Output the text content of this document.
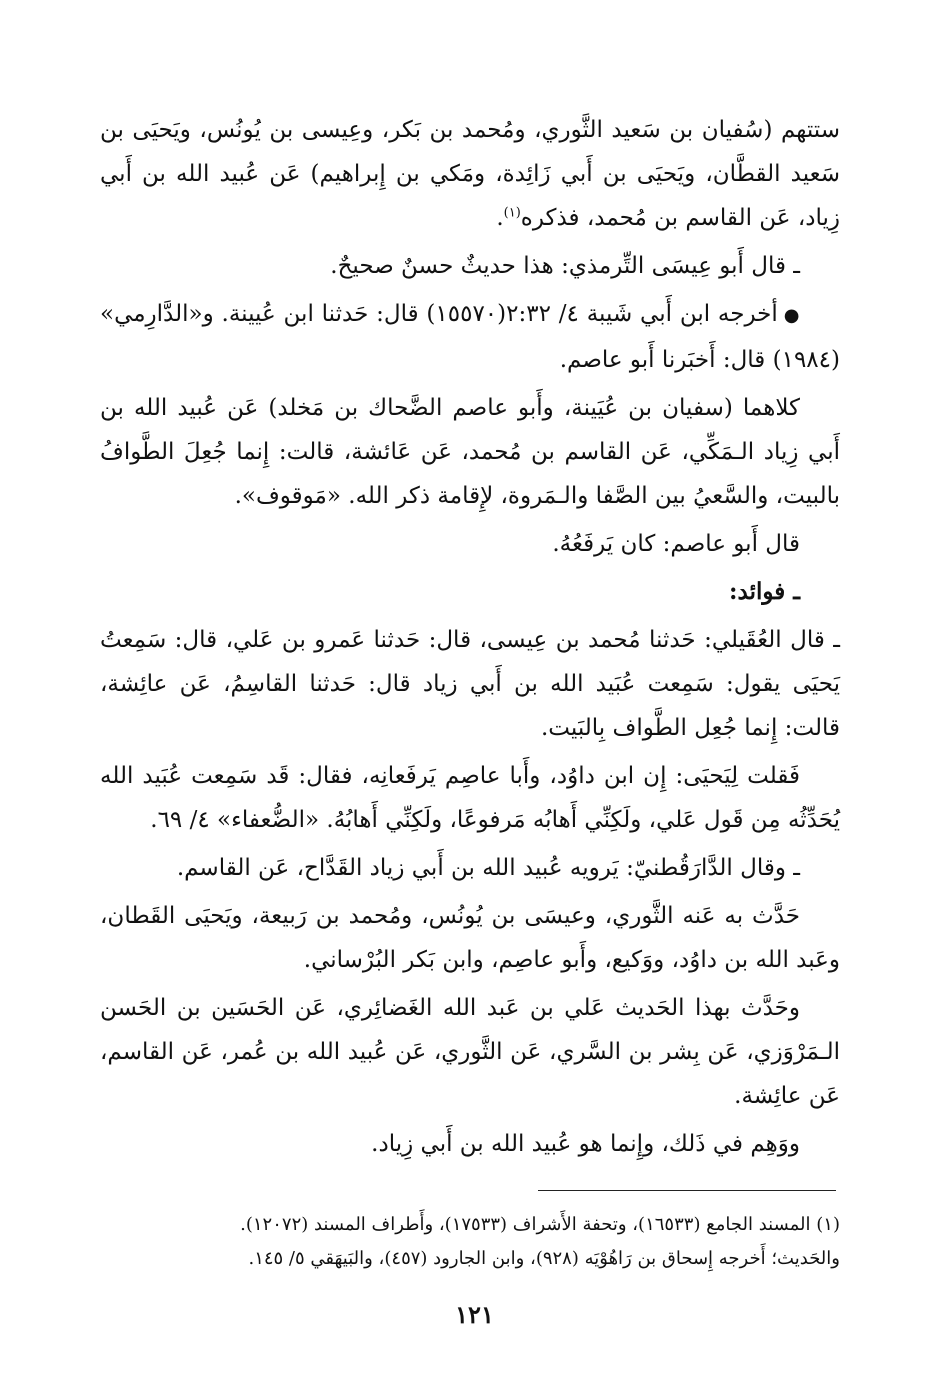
ستتهم (سُفيان بن سَعيد الثَّوري، ومُحمد بن بَكر، وعِيسى بن يُونُس، ويَحيَى بن سَعيد القطَّان، ويَحيَى بن أَبي زَائِدة، ومَكي بن إِبراهيم) عَن عُبيد الله بن أَبي زِياد، عَن القاسم بن مُحمد، فذكره$^{(١)}$.

ـ قال أَبو عِيسَى التِّرمذي: هذا حديثٌ حسنٌ صحيحٌ.

●أخرجه ابن أَبي شَيبة ٤/ ٢:٣٢(١٥٥٧٠) قال: حَدثنا ابن عُيينة. و«الدَّارِمي» (١٩٨٤) قال: أَخبَرنا أَبو عاصم.

كلاهما (سفيان بن عُيَينة، وأَبو عاصم الضَّحاك بن مَخلد) عَن عُبيد الله بن أَبي زِياد الـمَكِّي، عَن القاسم بن مُحمد، عَن عَائشة، قالت: إِنما جُعِلَ الطَّوافُ بالبيت، والسَّعيُ بين الصَّفا والـمَروة، لإِقامة ذكر الله. «مَوقوف».

قال أَبو عاصم: كان يَرفَعُهُ.

ـ فوائد:

ـ قال العُقَيلي: حَدثنا مُحمد بن عِيسى، قال: حَدثنا عَمرو بن عَلي، قال: سَمِعتُ يَحيَى يقول: سَمِعت عُبَيد الله بن أَبي زياد قال: حَدثنا القاسِمُ، عَن عائِشة، قالت: إِنما جُعِل الطَّواف بِالبَيت.

فَقلت لِيَحيَى: إِن ابن داوُد، وأَبا عاصِم يَرفَعانِه، فقال: قَد سَمِعت عُبَيد الله يُحَدِّثُه مِن قَول عَلي، ولَكِنِّي أَهابُه مَرفوعًا، ولَكِنِّي أَهابُهُ. «الضُّعفاء» ٤/ ٦٩.

ـ وقال الدَّارَقُطنيّ: يَرويه عُبيد الله بن أَبي زياد القَدَّاح، عَن القاسم.

حَدَّث به عَنه الثَّوري، وعيسَى بن يُونُس، ومُحمد بن رَبيعة، ويَحيَى القَطان، وعَبد الله بن داوُد، ووَكيع، وأَبو عاصِم، وابن بَكر البُرْساني.

وحَدَّث بهذا الحَديث عَلي بن عَبد الله الغَضائِري، عَن الحَسَين بن الحَسن الـمَرْوَزي، عَن بِشر بن السَّري، عَن الثَّوري، عَن عُبيد الله بن عُمر، عَن القاسم، عَن عائِشة.

ووَهِم في ذَلك، وإِنما هو عُبيد الله بن أَبي زِياد.

(١) المسند الجامع (١٦٥٣٣)، وتحفة الأَشراف (١٧٥٣٣)، وأَطراف المسند (١٢٠٧٢).

والحَديث؛ أَخرجه إِسحاق بن رَاهُوْيَه (٩٢٨)، وابن الجارود (٤٥٧)، والبَيهَقي ٥/ ١٤٥.

١٢١
